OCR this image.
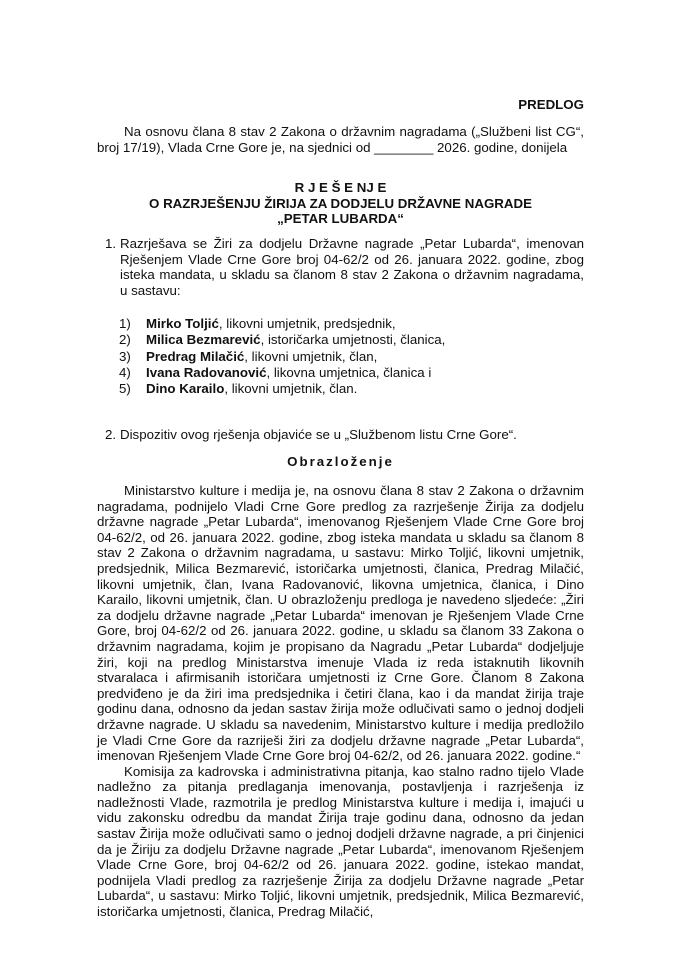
PREDLOG
Na osnovu člana 8 stav 2 Zakona o državnim nagradama („Službeni list CG“, broj 17/19), Vlada Crne Gore je, na sjednici od ________ 2026. godine, donijela
R J E Š E NJ E
O RAZRJEŠENJU ŽIRIJA ZA DODJELU DRŽAVNE NAGRADE
„PETAR LUBARDA“
1. Razrješava se Žiri za dodjelu Državne nagrade „Petar Lubarda“, imenovan Rješenjem Vlade Crne Gore broj 04-62/2 od 26. januara 2022. godine, zbog isteka mandata, u skladu sa članom 8 stav 2 Zakona o državnim nagradama, u sastavu:
1) Mirko Toljić, likovni umjetnik, predsjednik,
2) Milica Bezmarević, istoričarka umjetnosti, članica,
3) Predrag Milačić, likovni umjetnik, član,
4) Ivana Radovanović, likovna umjetnica, članica i
5) Dino Karailo, likovni umjetnik, član.
2. Dispozitiv ovog rješenja objaviće se u „Službenom listu Crne Gore“.
Obrazloženje

Ministarstvo kulture i medija je, na osnovu člana 8 stav 2 Zakona o državnim nagradama, podnijelo Vladi Crne Gore predlog za razrješenje Žirija za dodjelu državne nagrade „Petar Lubarda“, imenovanog Rješenjem Vlade Crne Gore broj 04-62/2, od 26. januara 2022. godine, zbog isteka mandata u skladu sa članom 8 stav 2 Zakona o državnim nagradama, u sastavu: Mirko Toljić, likovni umjetnik, predsjednik, Milica Bezmarević, istoričarka umjetnosti, članica, Predrag Milačić, likovni umjetnik, član, Ivana Radovanović, likovna umjetnica, članica, i Dino Karailo, likovni umjetnik, član. U obrazloženju predloga je navedeno sljedeće: „Žiri za dodjelu državne nagrade „Petar Lubarda“ imenovan je Rješenjem Vlade Crne Gore, broj 04-62/2 od 26. januara 2022. godine, u skladu sa članom 33 Zakona o državnim nagradama, kojim je propisano da Nagradu „Petar Lubarda“ dodjeljuje žiri, koji na predlog Ministarstva imenuje Vlada iz reda istaknutih likovnih stvaralaca i afirmisanih istoričara umjetnosti iz Crne Gore. Članom 8 Zakona predviđeno je da žiri ima predsjednika i četiri člana, kao i da mandat žirija traje godinu dana, odnosno da jedan sastav žirija može odlučivati samo o jednoj dodjeli državne nagrade. U skladu sa navedenim, Ministarstvo kulture i medija predložilo je Vladi Crne Gore da razriješi žiri za dodjelu državne nagrade „Petar Lubarda“, imenovan Rješenjem Vlade Crne Gore broj 04-62/2, od 26. januara 2022. godine.“

Komisija za kadrovska i administrativna pitanja, kao stalno radno tijelo Vlade nadležno za pitanja predlaganja imenovanja, postavljenja i razrješenja iz nadležnosti Vlade, razmotrila je predlog Ministarstva kulture i medija i, imajući u vidu zakonsku odredbu da mandat Žirija traje godinu dana, odnosno da jedan sastav Žirija može odlučivati samo o jednoj dodjeli državne nagrade, a pri činjenici da je Žiriju za dodjelu Državne nagrade „Petar Lubarda“, imenovanom Rješenjem Vlade Crne Gore, broj 04-62/2 od 26. januara 2022. godine, istekao mandat, podnijela Vladi predlog za razrješenje Žirija za dodjelu Državne nagrade „Petar Lubarda“, u sastavu: Mirko Toljić, likovni umjetnik, predsjednik, Milica Bezmarević, istoričarka umjetnosti, članica, Predrag Milačić,
